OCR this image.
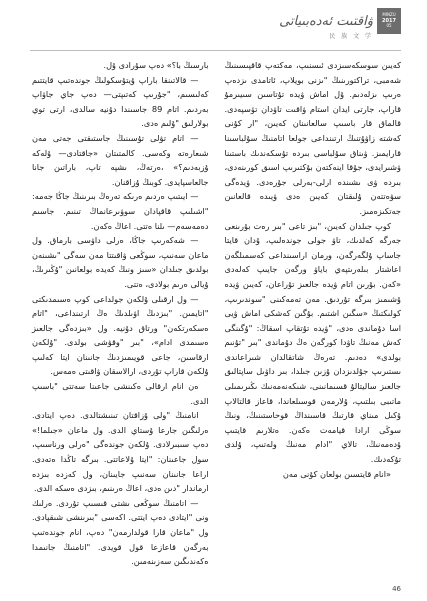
ۋاقتىت ئەدەبىياتى
民 族 文 学
MINZU
2017
05

كەيىن سوسكەسىزدى ئىسنىپ، مەكتەپ قاقپىسىنىڭ شەمبى، تراكتورىنىڭ "ىزنى بويلاپ، ئاتامدى ىزدەپ ەرىپ ىزلەدىم. ۇل اماش ۋيدە تۇتاسىن سىيىرمۇ قاراپ، جارتى ايدان استام ۋاقىت تاۋدان تۆسپەدى. قالماق قار باسىپ سالعانىنان كەيىن، "ار كۇنى كەشتە زاۋۇتنىڭ ارتىنداعى جولعا اتامنىڭ سۇلباسىنا قارايمىز. ۋىناق سۇلباسى بىردە تۇسكەندىك باستىنا ۋشىرايدى، جۇقا اينەكتەن بۇكتىرىپ اسىق كورىنەدى، بىردە ۋى ىشىندە ارلى-بەرلى جۇرەدى. ۋيدەگى سۋەتتەن ۇلىقتان كەيىن ەدى ۋيىدە قالعانىن جەتكىزەمىز.

كوپ جىلدان كەيىن، "بىز تاعى "بىر رەت بۇرىنعى جەرگە كەلدىك، تاۋ جولى جوندەلىپ، ۇدان قايتا جاساپ ۇلگەرگەن، ورمان اراسىنداعى كەسمىلگەن اعاشتار بىلەرىتپەي باياۋ ورگەن جايىپ كەلەدى «كەن. بۇرىن اتام ۋيدە جالعىز تۇراعان، كەيىن ۋيدە ۇشىمىز بىرگە تۇردىق. مەن تەمەكىنى "سوندىرىپ، كولىكتىڭ «سگىن اشتىم. بۇگىن كەشكى اماش ۋيى اسا دۇماندى ەدى، "ۋيدە تۇتقاپ اسقاڭ: "ۇگىنگى كەش مەنىڭ تاۋدا كورگەن ەڭ دۇماندى "بىر "تۇنىم بولدى» دەدىم. تەرەڭ شاتقالدان شىراعاندى ىستىرىپ جۇلدىزدان ۇزىن جىلدا، بىر داۋىل ساپتالىق جالعىز ساليتالۇ قسىمانىنى، شىكەنەمەنىك ىڭىرىمىلى ماتىبى بىلتىپ، ۇلارمەن قوسىلعاندا، قاعاز قالتالاپ ۇكىل مىناي قارتىڭ قاسىنداڭ قوحاستىنىڭ، ونىڭ سوڭى ارادا قيامەت ەكەن. ەتلارىم قايتىپ ۇدەمەنىڭ، تالاي "ادام مەنىڭ ولەتىپ، ۇلدى تۇكەدىك.

«انام قايتسىن بولعان كۇنى مەن

بارسىڭ با؟» دەپ سۇرادى ۇل.

— قالاتىنقا باراپ ۇيتۇسكولىڭ جوندەتىپ قايتتىم كەلىسىم، "جۇرىپ كەتىپتى— دەپ جاي جاۋاپ بەردىم. اتام 89 جاسىندا دۇنيە سالدى، ارتى توي بولارلىق "ۇلىم ەدى.

— اتام تۋلى تۇسىنىڭ جاستىقتى جەتى مەن شىعارەتە وكەسى. كالمتىتان «جاقتادى— ۇلەكە ۇزبەدىم؟» ،ەرتەڭ، ىشپە تاپ، باراتىن جانا جالعاسپايدى. كوبىڭ ۇزاقنان.

— ايىتىپ ەردىم ەرىكە تەرەڭ بىرىنىڭ جاڭا جەمە: "اشىلىپ قاقپادان سوۋىرعانماڭ تىنىم. جاسىم دەمەسەم— ىلنا ەتتى. اعاڭ ەكەن.

— شەكەرىپ جاڭا، ەرلى داۋسى بارماق. ول ماعان سەنىپ، سوڭعى ۋاقىتتا مەن سەگى "ىشىنەن بولدىق جىلدان «سىز ونىڭ كەيدە بولعانىن "ۇڭىرىڭ، ۇيالى ەرىم بولادى، ەتتى.

— ول ارقىلى ۇلكەن جولداعى كوپ ەسىمدىكتى "اتايمىن. "بىزدىڭ اۋىلدىڭ ەڭ ارتىنداعى، "اتام ەسكەرتكەن" ورتاق دۇنيە. ول «بىزدەگى جالعىز ەسىمدى ادام»، "بىر "وقۋشى بولدى. "ۇلكەن ارقاسىن، جاعى قويىمىزدىڭ جانىنان ايتا كەلىپ ۇلكەن قاراپ تۇردى، ارالاسقان ۋاقىتى ەمەس.

ەن انام ارقالى ەكىنشى جاعىنا سەتتى "باسىپ الدى.

انامنىڭ "ولى ۇزاقتان تىنىشتالدى. دەپ ايتادى. ەرلىگىن جارعا ۇستاي الدى. ول ماعان «جىلما!» دەپ سىبىرلادى. ۇلكەن جوندەگى "ەرلى ورناسىپ، سول جاعىنان: "ايتا ۇلاعاتتى. بىرگە تاڭدا ەتەدى. اراعا جانىنان سەنىپ جايىنان، ول كەزدە بىزدە ارماندار "دىن ەدى، اعاڭ ەرىنىم، بىزدى ەسكە الدى.

— اتامنىڭ سوڭعى ىشتى قىسىپ تۇردى. ەرلىك ونى "ايتادى دەپ ايتتى. اكەسى "بىرىنشى شىقپادى. ول "ماعان قارا قولدارمەن" دەپ، انام جوندەتىپ بەرگەن قاعازعا قول قويدى. "اتامنىڭ جانىمدا ەكەندىگىن سەزىنەمىن.

46
